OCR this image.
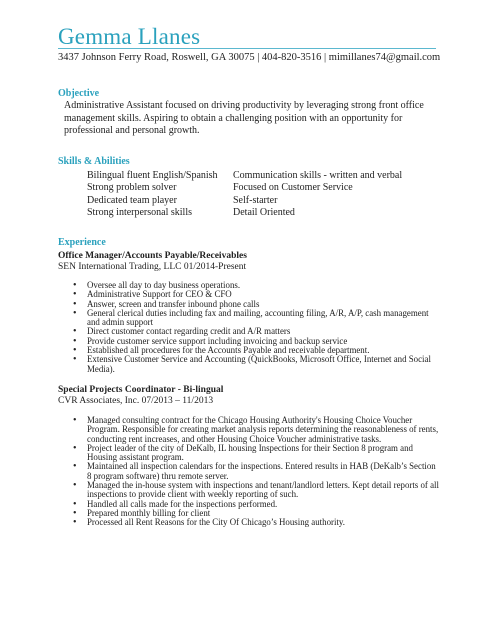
Gemma Llanes
3437 Johnson Ferry Road, Roswell, GA 30075 | 404-820-3516 | mimillanes74@gmail.com
Objective
Administrative Assistant focused on driving productivity by leveraging strong front office management skills. Aspiring to obtain a challenging position with an opportunity for professional and personal growth.
Skills & Abilities
Bilingual fluent English/Spanish	Communication skills - written and verbal
Strong problem solver	Focused on Customer Service
Dedicated team player	Self-starter
Strong interpersonal skills	Detail Oriented
Experience
Office Manager/Accounts Payable/Receivables
SEN International Trading, LLC 01/2014-Present
• Oversee all day to day business operations.
• Administrative Support for CEO & CFO
• Answer, screen and transfer inbound phone calls
• General clerical duties including fax and mailing, accounting filing, A/R, A/P, cash management and admin support
• Direct customer contact regarding credit and A/R matters
• Provide customer service support including invoicing and backup service
• Established all procedures for the Accounts Payable and receivable department.
• Extensive Customer Service and Accounting (QuickBooks, Microsoft Office, Internet and Social Media).
Special Projects Coordinator - Bi-lingual
CVR Associates, Inc. 07/2013 – 11/2013
• Managed consulting contract for the Chicago Housing Authority's Housing Choice Voucher Program. Responsible for creating market analysis reports determining the reasonableness of rents, conducting rent increases, and other Housing Choice Voucher administrative tasks.
• Project leader of the city of DeKalb, IL housing Inspections for their Section 8 program and Housing assistant program.
• Maintained all inspection calendars for the inspections. Entered results in HAB (DeKalb’s Section 8 program software) thru remote server.
• Managed the in-house system with inspections and tenant/landlord letters. Kept detail reports of all inspections to provide client with weekly reporting of such.
• Handled all calls made for the inspections performed.
• Prepared monthly billing for client
• Processed all Rent Reasons for the City Of Chicago’s Housing authority.
